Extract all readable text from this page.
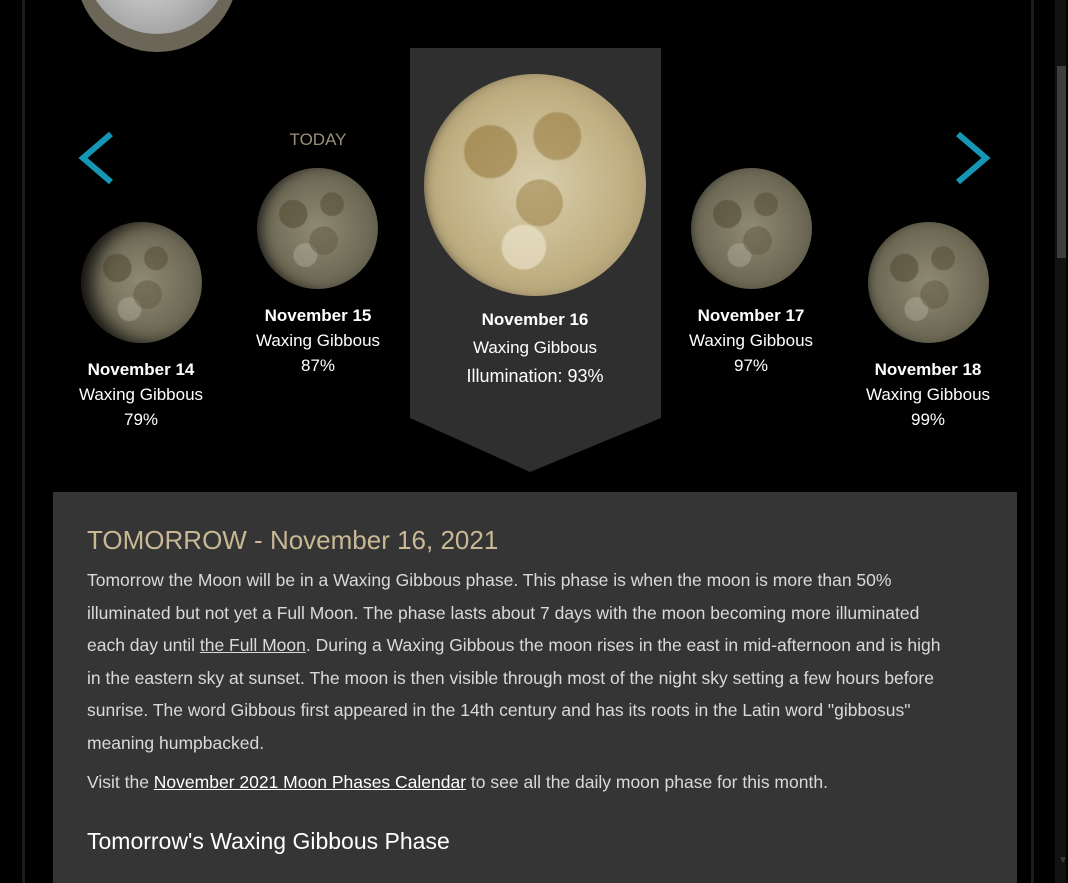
TODAY
November 14
Waxing Gibbous
79%
November 15
Waxing Gibbous
87%
November 16
Waxing Gibbous
Illumination: 93%
November 17
Waxing Gibbous
97%	November 18
Waxing Gibbous
99%
TOMORROW - November 16, 2021

Tomorrow the Moon will be in a Waxing Gibbous phase. This phase is when the moon is more than 50% illuminated but not yet a Full Moon. The phase lasts about 7 days with the moon becoming more illuminated each day until the Full Moon. During a Waxing Gibbous the moon rises in the east in mid-afternoon and is high in the eastern sky at sunset. The moon is then visible through most of the night sky setting a few hours before sunrise. The word Gibbous first appeared in the 14th century and has its roots in the Latin word "gibbosus" meaning humpbacked.

Visit the November 2021 Moon Phases Calendar to see all the daily moon phase for this month.

Tomorrow's Waxing Gibbous Phase
▼
